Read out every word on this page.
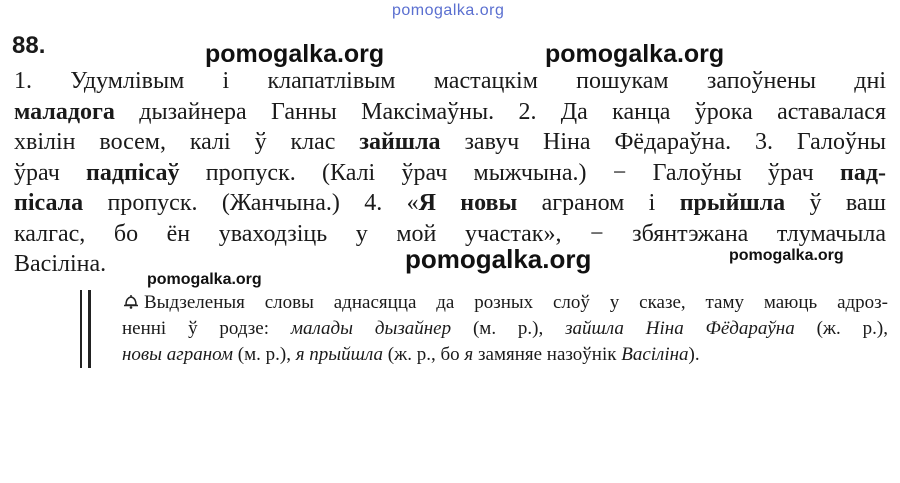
pomogalka.org
pomogalka.org	pomogalka.org
88.
1. Удумлівым і клапатлівым мастацкім пошукам запоўнены дні
маладога дызайнера Ганны Максімаўны. 2. Да канца ўрока аставалася
хвілін восем, калі ў клас зайшла завуч Ніна Фёдараўна. 3. Галоўны
ўрач падпісаў пропуск. (Калі ўрач мыжчына.) − Галоўны ўрач пад-
пісала пропуск. (Жанчына.) 4. «Я новы аграном і прыйшла ў ваш
калгас, бо ён уваходзіць у мой участак», − збянтэжана тлумачыла
Васіліна.	pomogalka.org	pomogalka.org
pomogalka.org
Выдзеленыя словы аднасяцца да розных слоў у сказе, таму маюць адроз-
ненні ў родзе: малады дызайнер (м. р.), зайшла Ніна Фёдараўна (ж. р.),
новы аграном (м. р.), я прыйшла (ж. р., бо я замяняе назоўнік Васіліна).
